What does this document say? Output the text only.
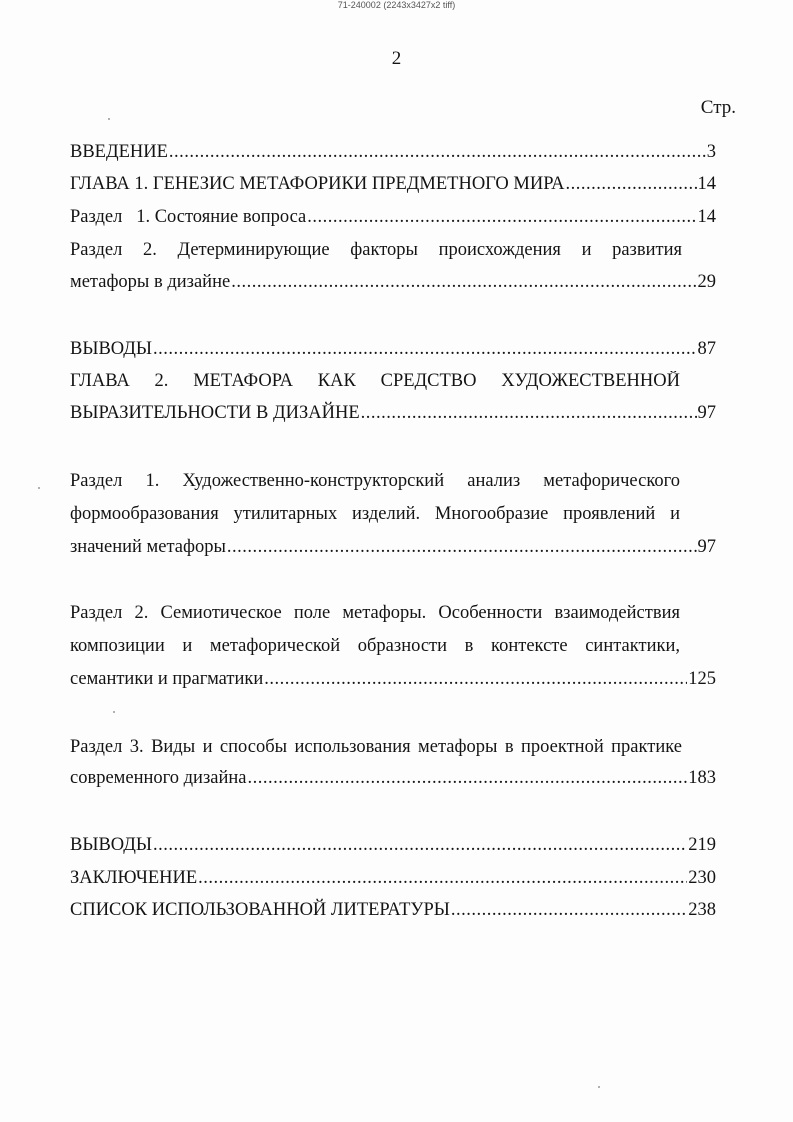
71-240002 (2243x3427x2 tiff)
2
Стр.
ВВЕДЕНИЕ .....	3
ГЛАВА 1. ГЕНЕЗИС МЕТАФОРИКИ ПРЕДМЕТНОГО МИРА .....	14
Раздел   1. Состояние вопроса .....	14
Раздел 2. Детерминирующие факторы происхождения и развития
метафоры в дизайне .....	29
ВЫВОДЫ .....	87
ГЛАВА 2. МЕТАФОРА КАК СРЕДСТВО ХУДОЖЕСТВЕННОЙ
ВЫРАЗИТЕЛЬНОСТИ В ДИЗАЙНЕ .....	97
Раздел 1. Художественно-конструкторский анализ метафорического
формообразования утилитарных изделий. Многообразие проявлений и
значений метафоры .....	97
Раздел 2. Семиотическое поле метафоры. Особенности взаимодействия
композиции и метафорической образности в контексте синтактики,
семантики и прагматики .....	125
Раздел 3. Виды и способы использования метафоры в проектной практике
современного дизайна .....	183
ВЫВОДЫ .....	219
ЗАКЛЮЧЕНИЕ .....	230
СПИСОК ИСПОЛЬЗОВАННОЙ ЛИТЕРАТУРЫ .....	238
